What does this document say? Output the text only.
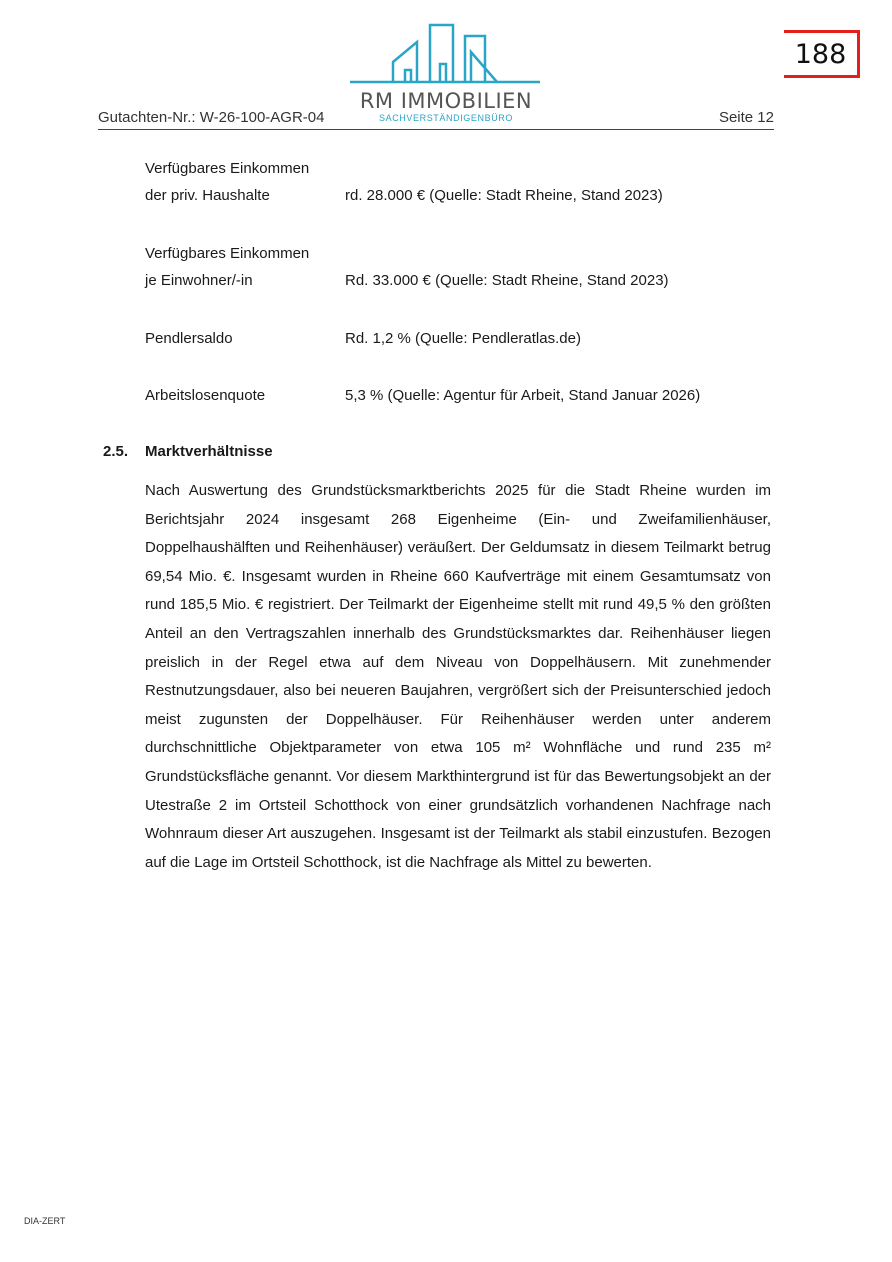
188
RM IMMOBILIEN
SACHVERSTÄNDIGENBÜRO
Gutachten-Nr.: W-26-100-AGR-04	Seite 12
Verfügbares Einkommen
der priv. Haushalte	rd. 28.000 € (Quelle: Stadt Rheine, Stand 2023)
Verfügbares Einkommen
je Einwohner/-in	Rd. 33.000 € (Quelle: Stadt Rheine, Stand 2023)
Pendlersaldo	Rd. 1,2 % (Quelle: Pendleratlas.de)
Arbeitslosenquote	5,3 % (Quelle: Agentur für Arbeit, Stand Januar 2026)
2.5. Marktverhältnisse

Nach Auswertung des Grundstücksmarktberichts 2025 für die Stadt Rheine wurden im Berichtsjahr 2024 insgesamt 268 Eigenheime (Ein- und Zweifamilienhäuser, Doppelhaushälften und Reihenhäuser) veräußert. Der Geldumsatz in diesem Teilmarkt betrug 69,54 Mio. €. Insgesamt wurden in Rheine 660 Kaufverträge mit einem Gesamtumsatz von rund 185,5 Mio. € registriert. Der Teilmarkt der Eigenheime stellt mit rund 49,5 % den größten Anteil an den Vertragszahlen innerhalb des Grundstücksmarktes dar. Reihenhäuser liegen preislich in der Regel etwa auf dem Niveau von Doppelhäusern. Mit zunehmender Restnutzungsdauer, also bei neueren Baujahren, vergrößert sich der Preisunterschied jedoch meist zugunsten der Doppelhäuser. Für Reihenhäuser werden unter anderem durchschnittliche Objektparameter von etwa 105 m² Wohnfläche und rund 235 m² Grundstücksfläche genannt. Vor diesem Markthintergrund ist für das Bewertungsobjekt an der Utestraße 2 im Ortsteil Schotthock von einer grundsätzlich vorhandenen Nachfrage nach Wohnraum dieser Art auszugehen. Insgesamt ist der Teilmarkt als stabil einzustufen. Bezogen auf die Lage im Ortsteil Schotthock, ist die Nachfrage als Mittel zu bewerten.

DIA-ZERT
